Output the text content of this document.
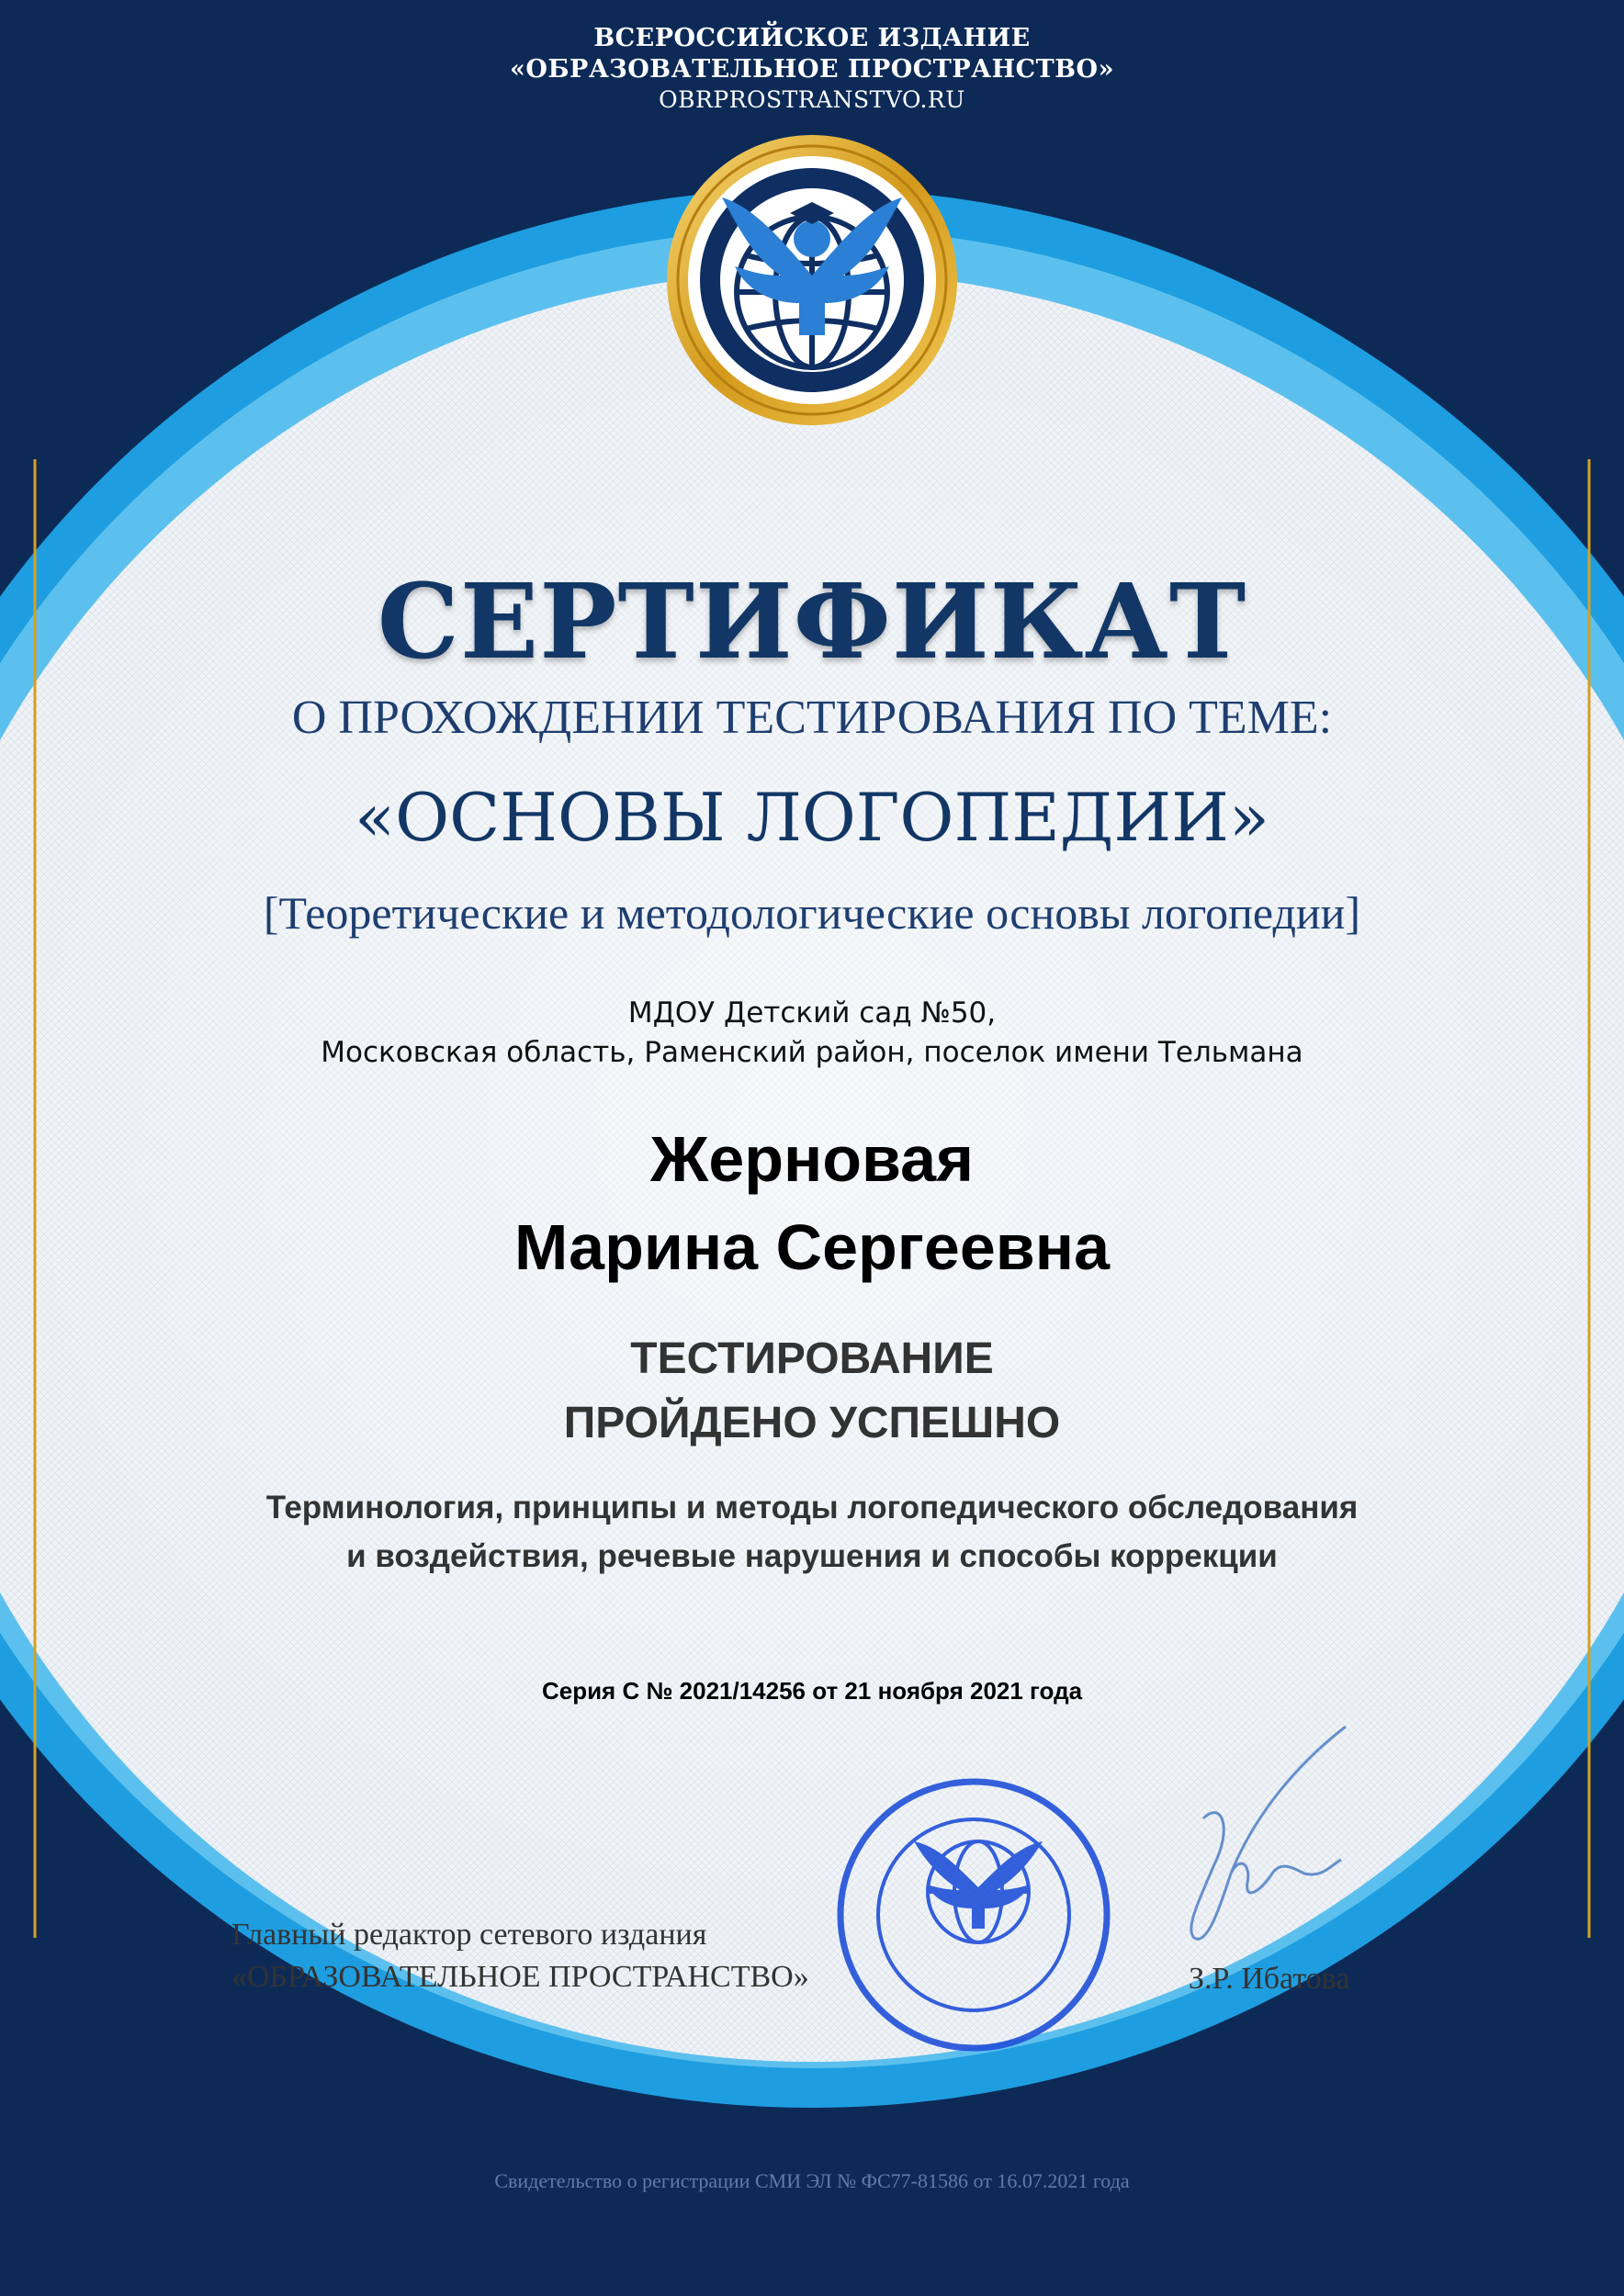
ВСЕРОССИЙСКОЕ ИЗДАНИЕ
«ОБРАЗОВАТЕЛЬНОЕ ПРОСТРАНСТВО»
OBRPROSTRANSTVO.RU
СЕРТИФИКАТ
О ПРОХОЖДЕНИИ ТЕСТИРОВАНИЯ ПО ТЕМЕ:
«ОСНОВЫ ЛОГОПЕДИИ»
[Теоретические и методологические основы логопедии]
МДОУ Детский сад №50,
Московская область, Раменский район, поселок имени Тельмана
Жерновая
Марина Сергеевна
ТЕСТИРОВАНИЕ
ПРОЙДЕНО УСПЕШНО
Терминология, принципы и методы логопедического обследования
и воздействия, речевые нарушения и способы коррекции
Серия С № 2021/14256 от 21 ноября 2021 года
Главный редактор сетевого издания
«ОБРАЗОВАТЕЛЬНОЕ ПРОСТРАНСТВО»	З.Р. Ибатова
Свидетельство о регистрации СМИ ЭЛ № ФС77-81586 от 16.07.2021 года
